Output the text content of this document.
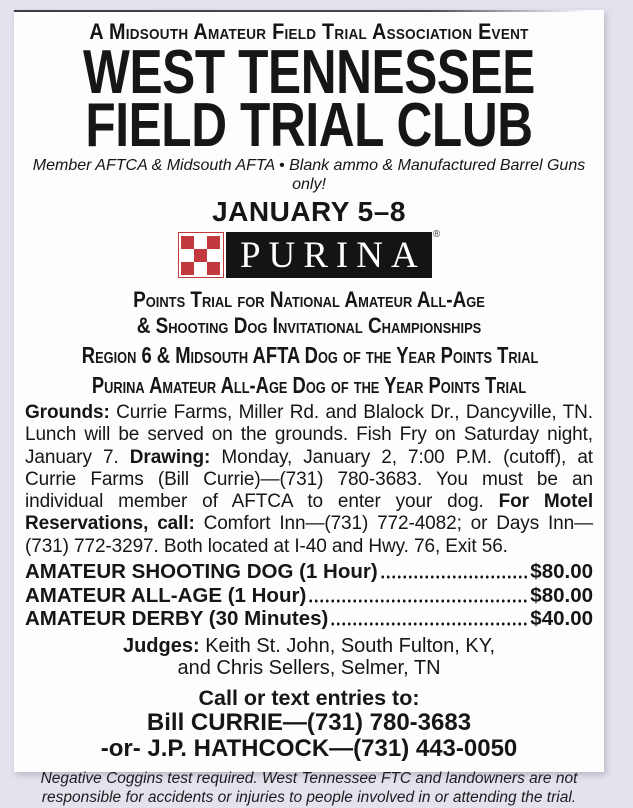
A Midsouth Amateur Field Trial Association Event
WEST TENNESSEE
FIELD TRIAL CLUB
Member AFTCA & Midsouth AFTA • Blank ammo & Manufactured Barrel Guns only!
JANUARY 5–8
PURINA
®
Points Trial for National Amateur All-Age
& Shooting Dog Invitational Championships
Region 6 & Midsouth AFTA Dog of the Year Points Trial
Purina Amateur All-Age Dog of the Year Points Trial
Grounds: Currie Farms, Miller Rd. and Blalock Dr., Dancyville, TN. Lunch will be served on the grounds. Fish Fry on Saturday night, January 7. Drawing: Monday, January 2, 7:00 P.M. (cutoff), at Currie Farms (Bill Currie)—(731) 780-3683. You must be an individual member of AFTCA to enter your dog. For Motel Reservations, call: Comfort Inn—(731) 772-4082; or Days Inn—(731) 772-3297. Both located at I-40 and Hwy. 76, Exit 56.
AMATEUR SHOOTING DOG (1 Hour)	$80.00
AMATEUR ALL-AGE (1 Hour)	$80.00
AMATEUR DERBY (30 Minutes)	$40.00
Judges: Keith St. John, South Fulton, KY,
and Chris Sellers, Selmer, TN
Call or text entries to:
Bill CURRIE—(731) 780-3683
-or- J.P. HATHCOCK—(731) 443-0050
Negative Coggins test required. West Tennessee FTC and landowners are not responsible for accidents or injuries to people involved in or attending the trial.
